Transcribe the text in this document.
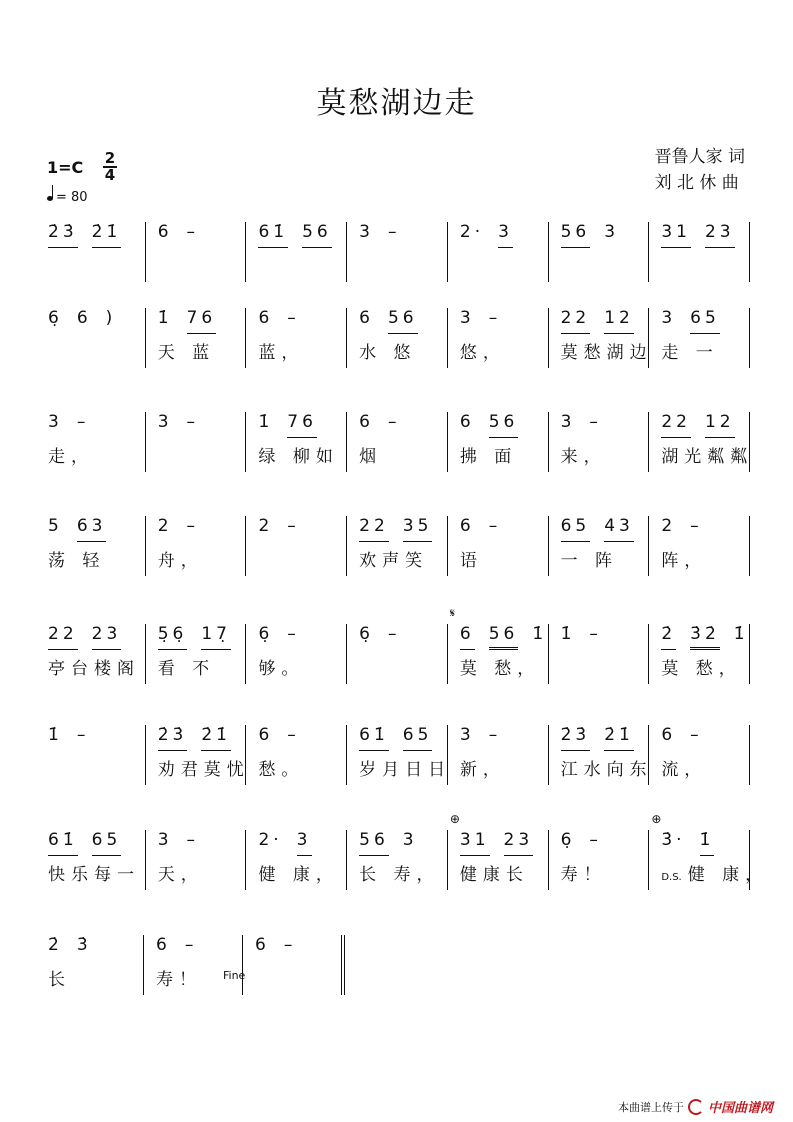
莫愁湖边走
晋鲁人家 词
刘 北 休 曲
1=C 2
4
= 80
2̇3̇ 2̇1̇ 6 –	61̇ 56 3 –	2· 3	56 3 31 23
6̣ 6 ) 1̇ 76
天 蓝
6 –
蓝，
6 56
水 悠
3 –
悠，
22 12
莫愁湖边
3 65
走 一
3 –
走，
3 –	1̇ 76
绿 柳如
6 –
烟
6 56
拂 面
3 –
来，
22 12
湖光粼粼
5 63
荡 轻
2 –
舟，
2 –	22 35
欢声笑
6 –
语
65 43
一 阵
2 –
阵，
22 23
亭台楼阁
5̣6̣ 17̣
看 不
6̣ –
够。
6̣ –
𝄋
6 56 1̇
莫 愁，
1̇ –	2̇ 3̇2̇ 1̇
莫 愁，
1̇ –	2̇3̇ 2̇1̇
劝君莫忧
6 –
愁。
61̇ 65
岁月日日
3 –
新，
2̇3̇ 2̇1̇
江水向东
6 –
流，
61̇ 65
快乐每一
3 –
天，
2· 3
健 康，
56 3
长 寿，
⊕
31 23
健康长
6̣ –
寿！
⊕
3̇· 1̇
D.S. 健 康，
2̇ 3̇
长
6 –
寿！
6 –
Fine
本曲谱上传于 中国曲谱网
